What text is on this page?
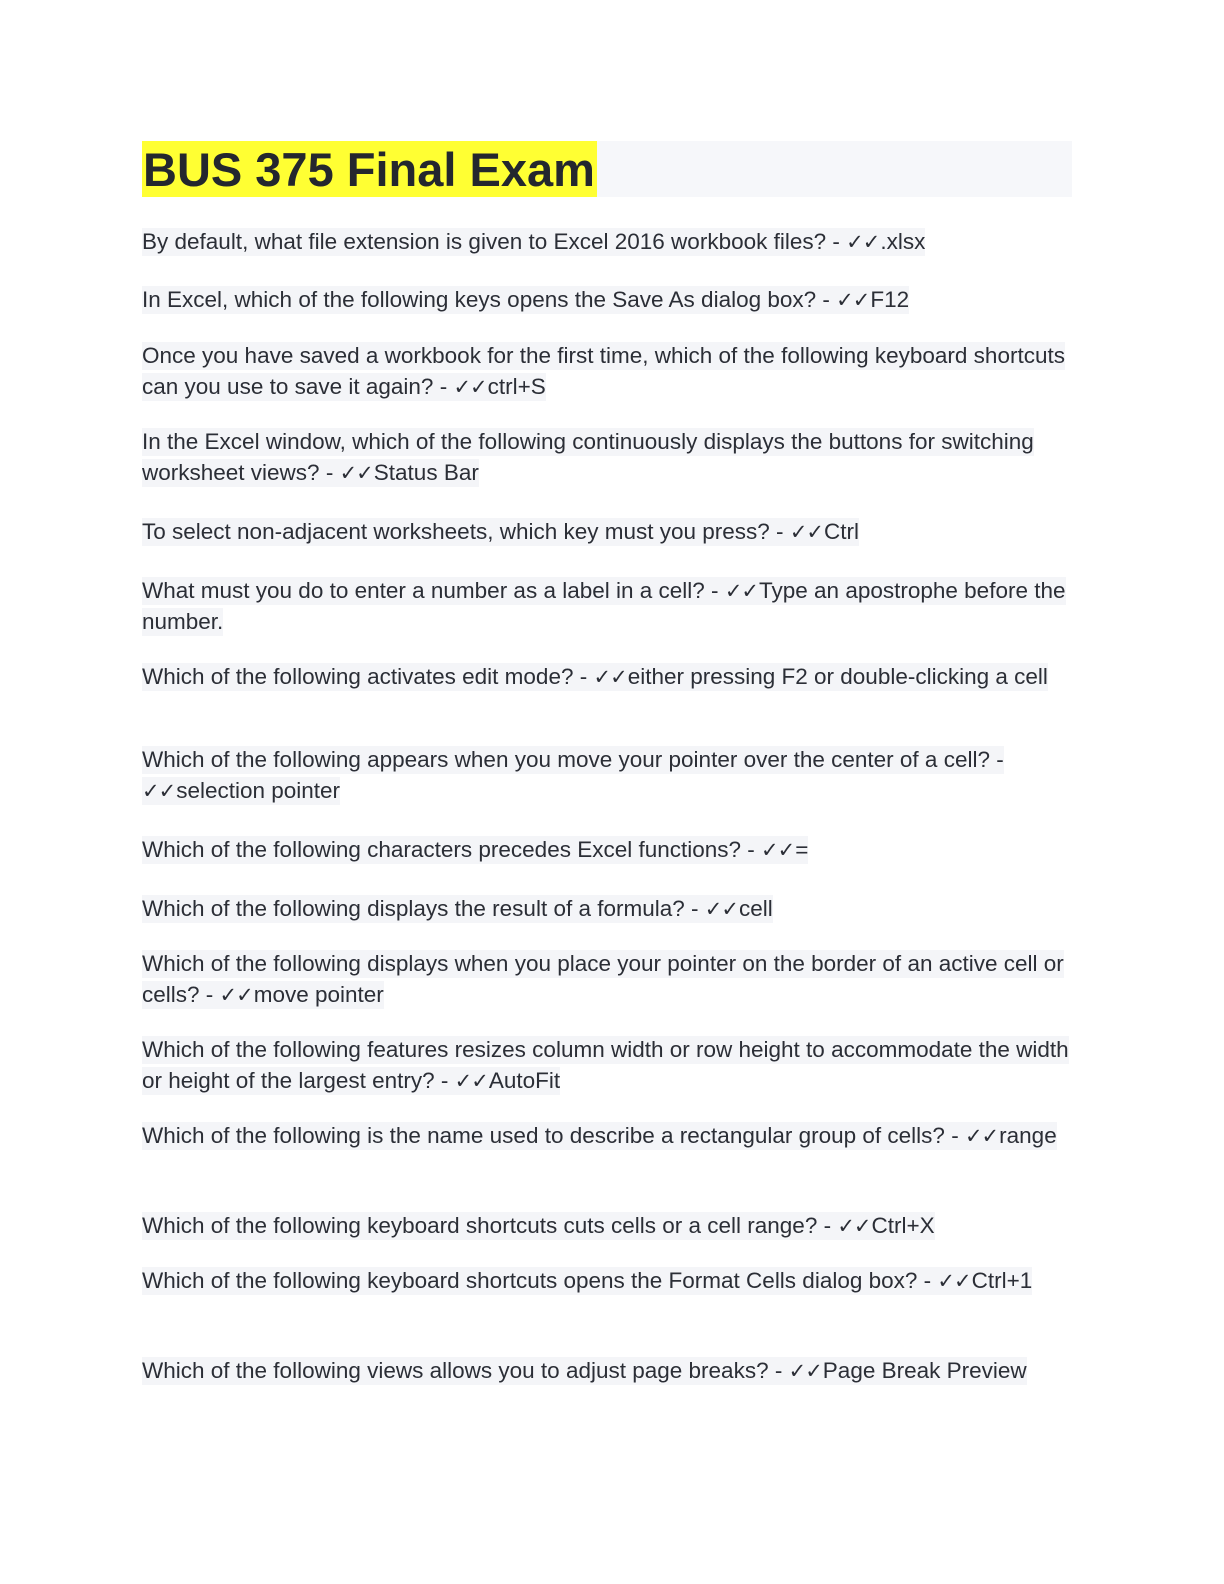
BUS 375 Final Exam

By default, what file extension is given to Excel 2016 workbook files? - ✓✓.xlsx

In Excel, which of the following keys opens the Save As dialog box? - ✓✓F12

Once you have saved a workbook for the first time, which of the following keyboard shortcuts can you use to save it again? - ✓✓ctrl+S

In the Excel window, which of the following continuously displays the buttons for switching worksheet views? - ✓✓Status Bar

To select non-adjacent worksheets, which key must you press? - ✓✓Ctrl

What must you do to enter a number as a label in a cell? - ✓✓Type an apostrophe before the number.

Which of the following activates edit mode? - ✓✓either pressing F2 or double-clicking a cell

Which of the following appears when you move your pointer over the center of a cell? - ✓✓selection pointer

Which of the following characters precedes Excel functions? - ✓✓=

Which of the following displays the result of a formula? - ✓✓cell

Which of the following displays when you place your pointer on the border of an active cell or cells? - ✓✓move pointer

Which of the following features resizes column width or row height to accommodate the width or height of the largest entry? - ✓✓AutoFit

Which of the following is the name used to describe a rectangular group of cells? - ✓✓range

Which of the following keyboard shortcuts cuts cells or a cell range? - ✓✓Ctrl+X

Which of the following keyboard shortcuts opens the Format Cells dialog box? - ✓✓Ctrl+1

Which of the following views allows you to adjust page breaks? - ✓✓Page Break Preview
